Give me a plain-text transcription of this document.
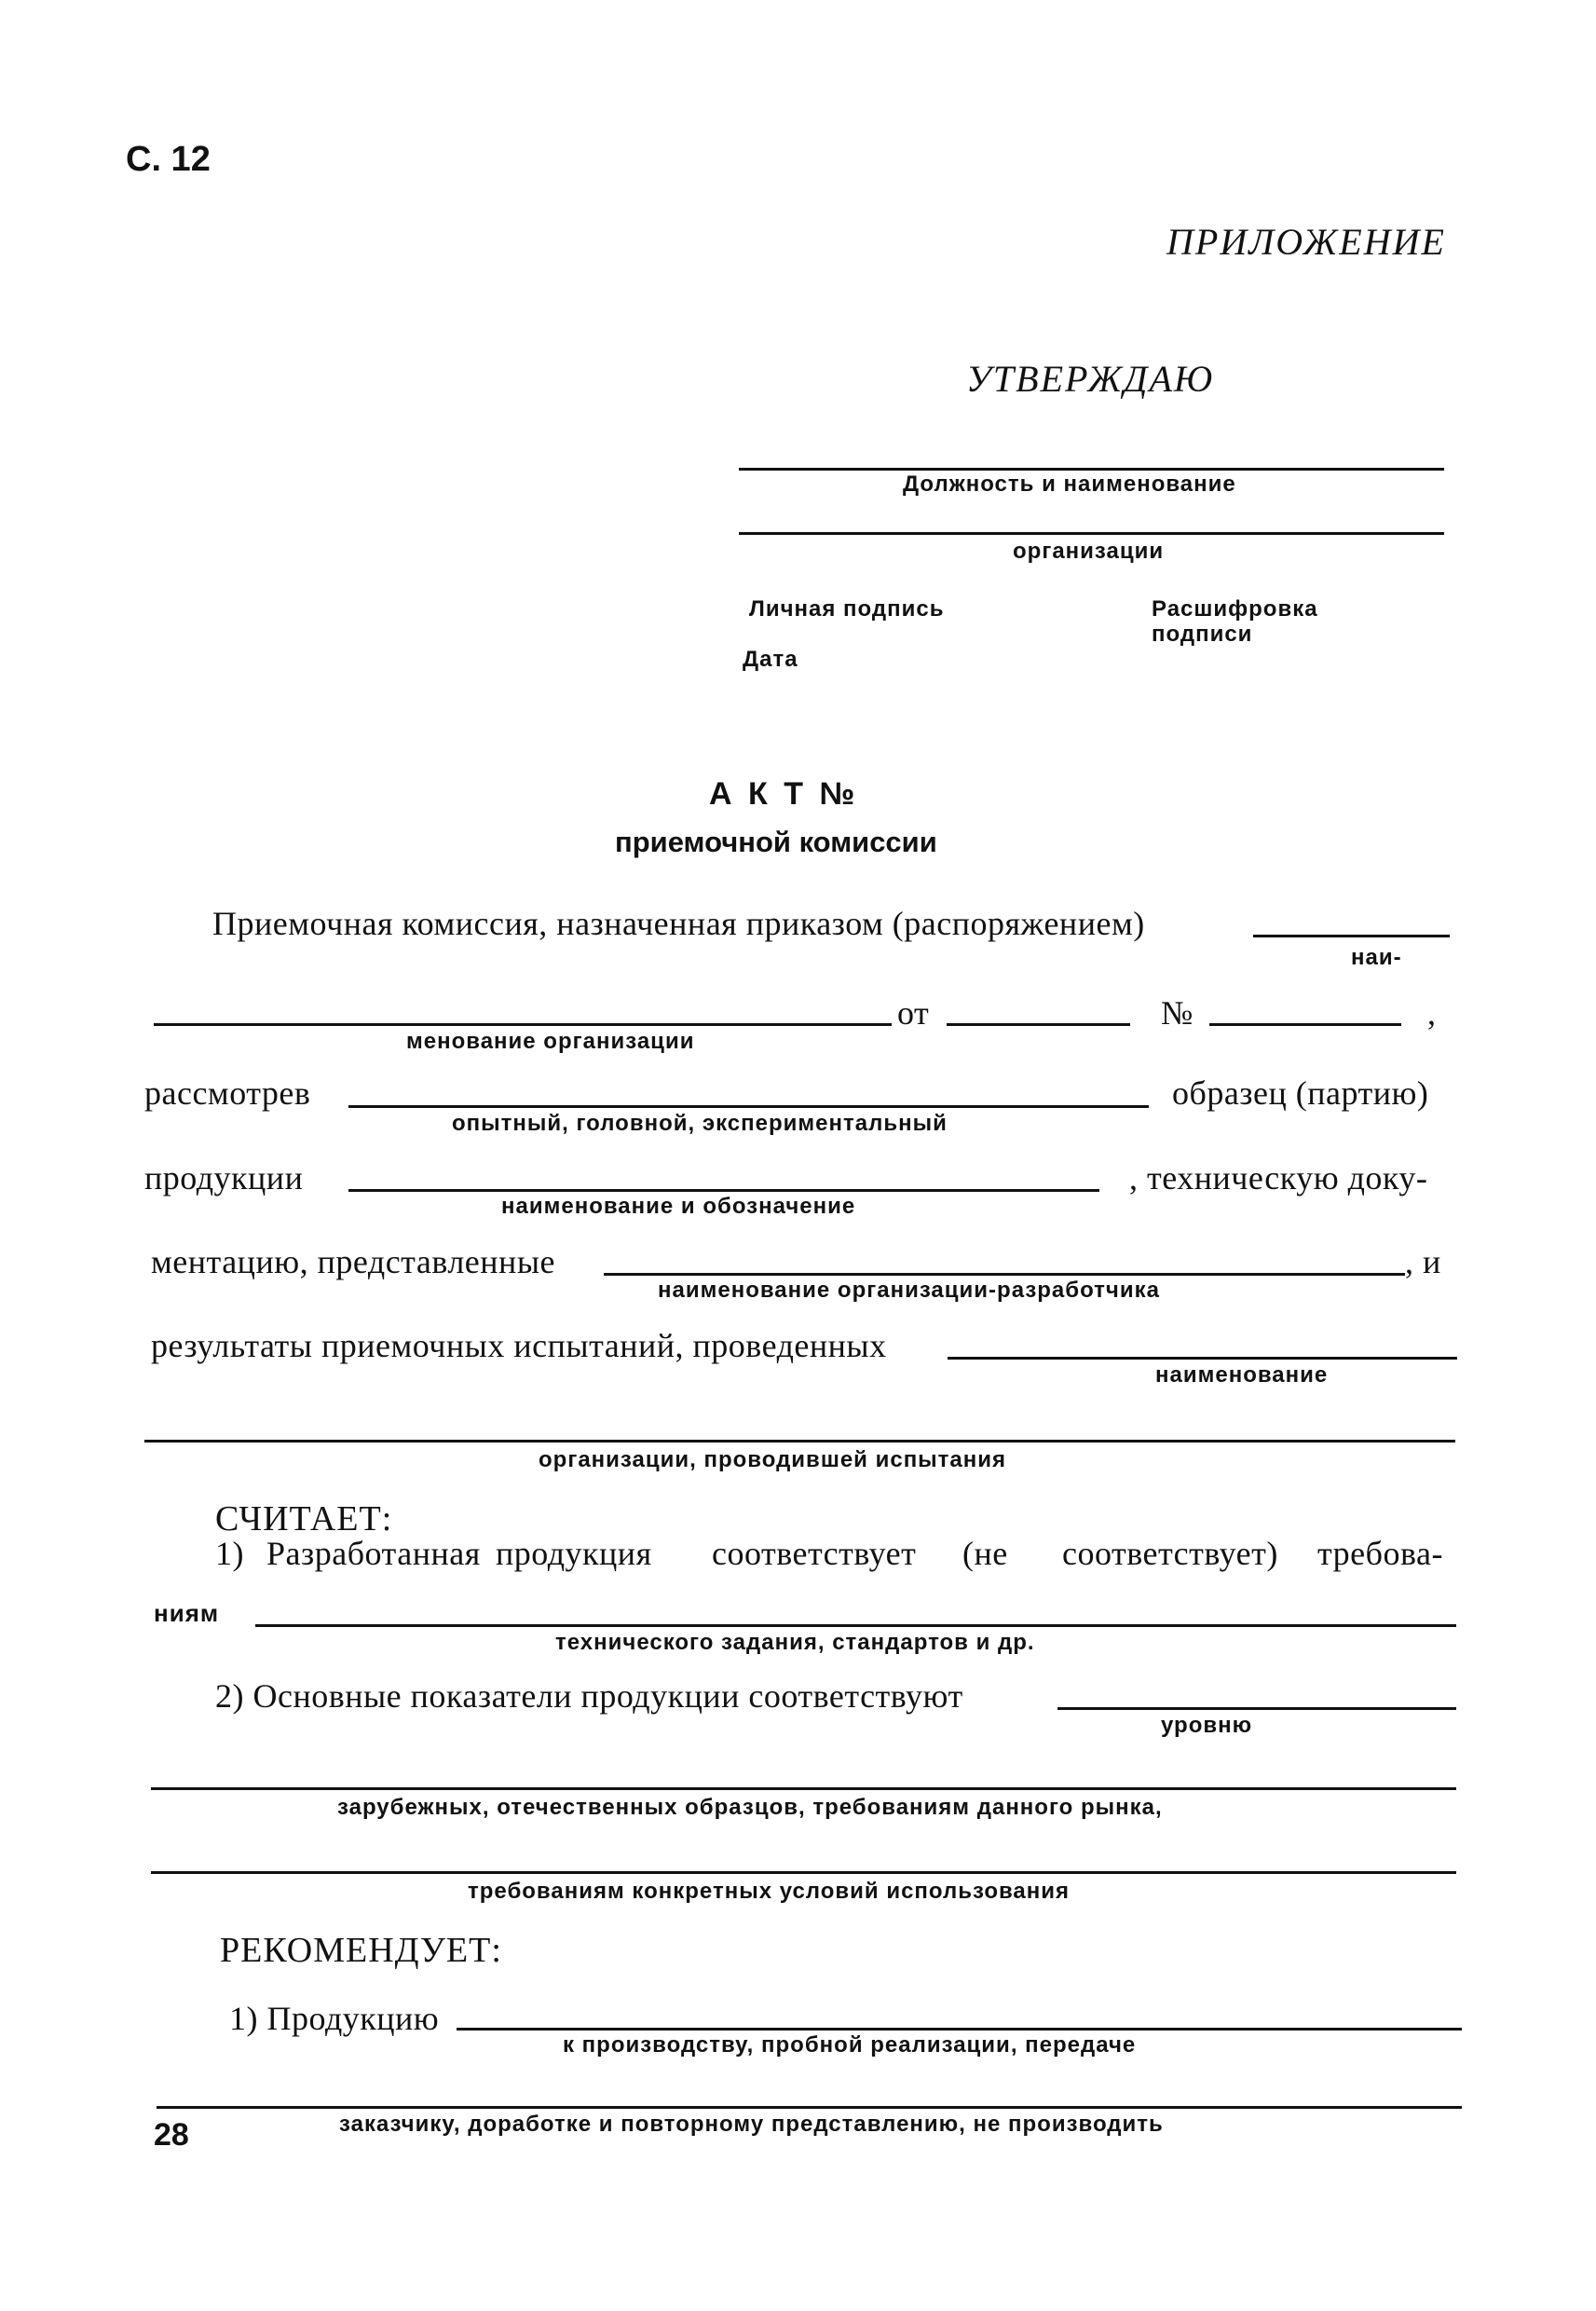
С. 12
ПРИЛОЖЕНИЕ
УТВЕРЖДАЮ
Должность и наименование
организации
Личная подпись	Расшифровка
подписи
Дата
А К Т №
приемочной комиссии
Приемочная комиссия, назначенная приказом (распоряжением)
наи-
от	№	,
менование организации
рассмотрев	образец (партию)
опытный, головной, экспериментальный
продукции	, техническую доку-
наименование и обозначение
ментацию, представленные	, и
наименование организации-разработчика
результаты приемочных испытаний, проведенных
наименование
организации, проводившей испытания
СЧИТАЕТ:
1) Разработанная продукция соответствует (не соответствует) требова-
ниям
технического задания, стандартов и др.
2) Основные показатели продукции соответствуют
уровню
зарубежных, отечественных образцов, требованиям данного рынка,
требованиям конкретных условий использования
РЕКОМЕНДУЕТ:
1) Продукцию
к производству, пробной реализации, передаче
заказчику, доработке и повторному представлению, не производить
28
